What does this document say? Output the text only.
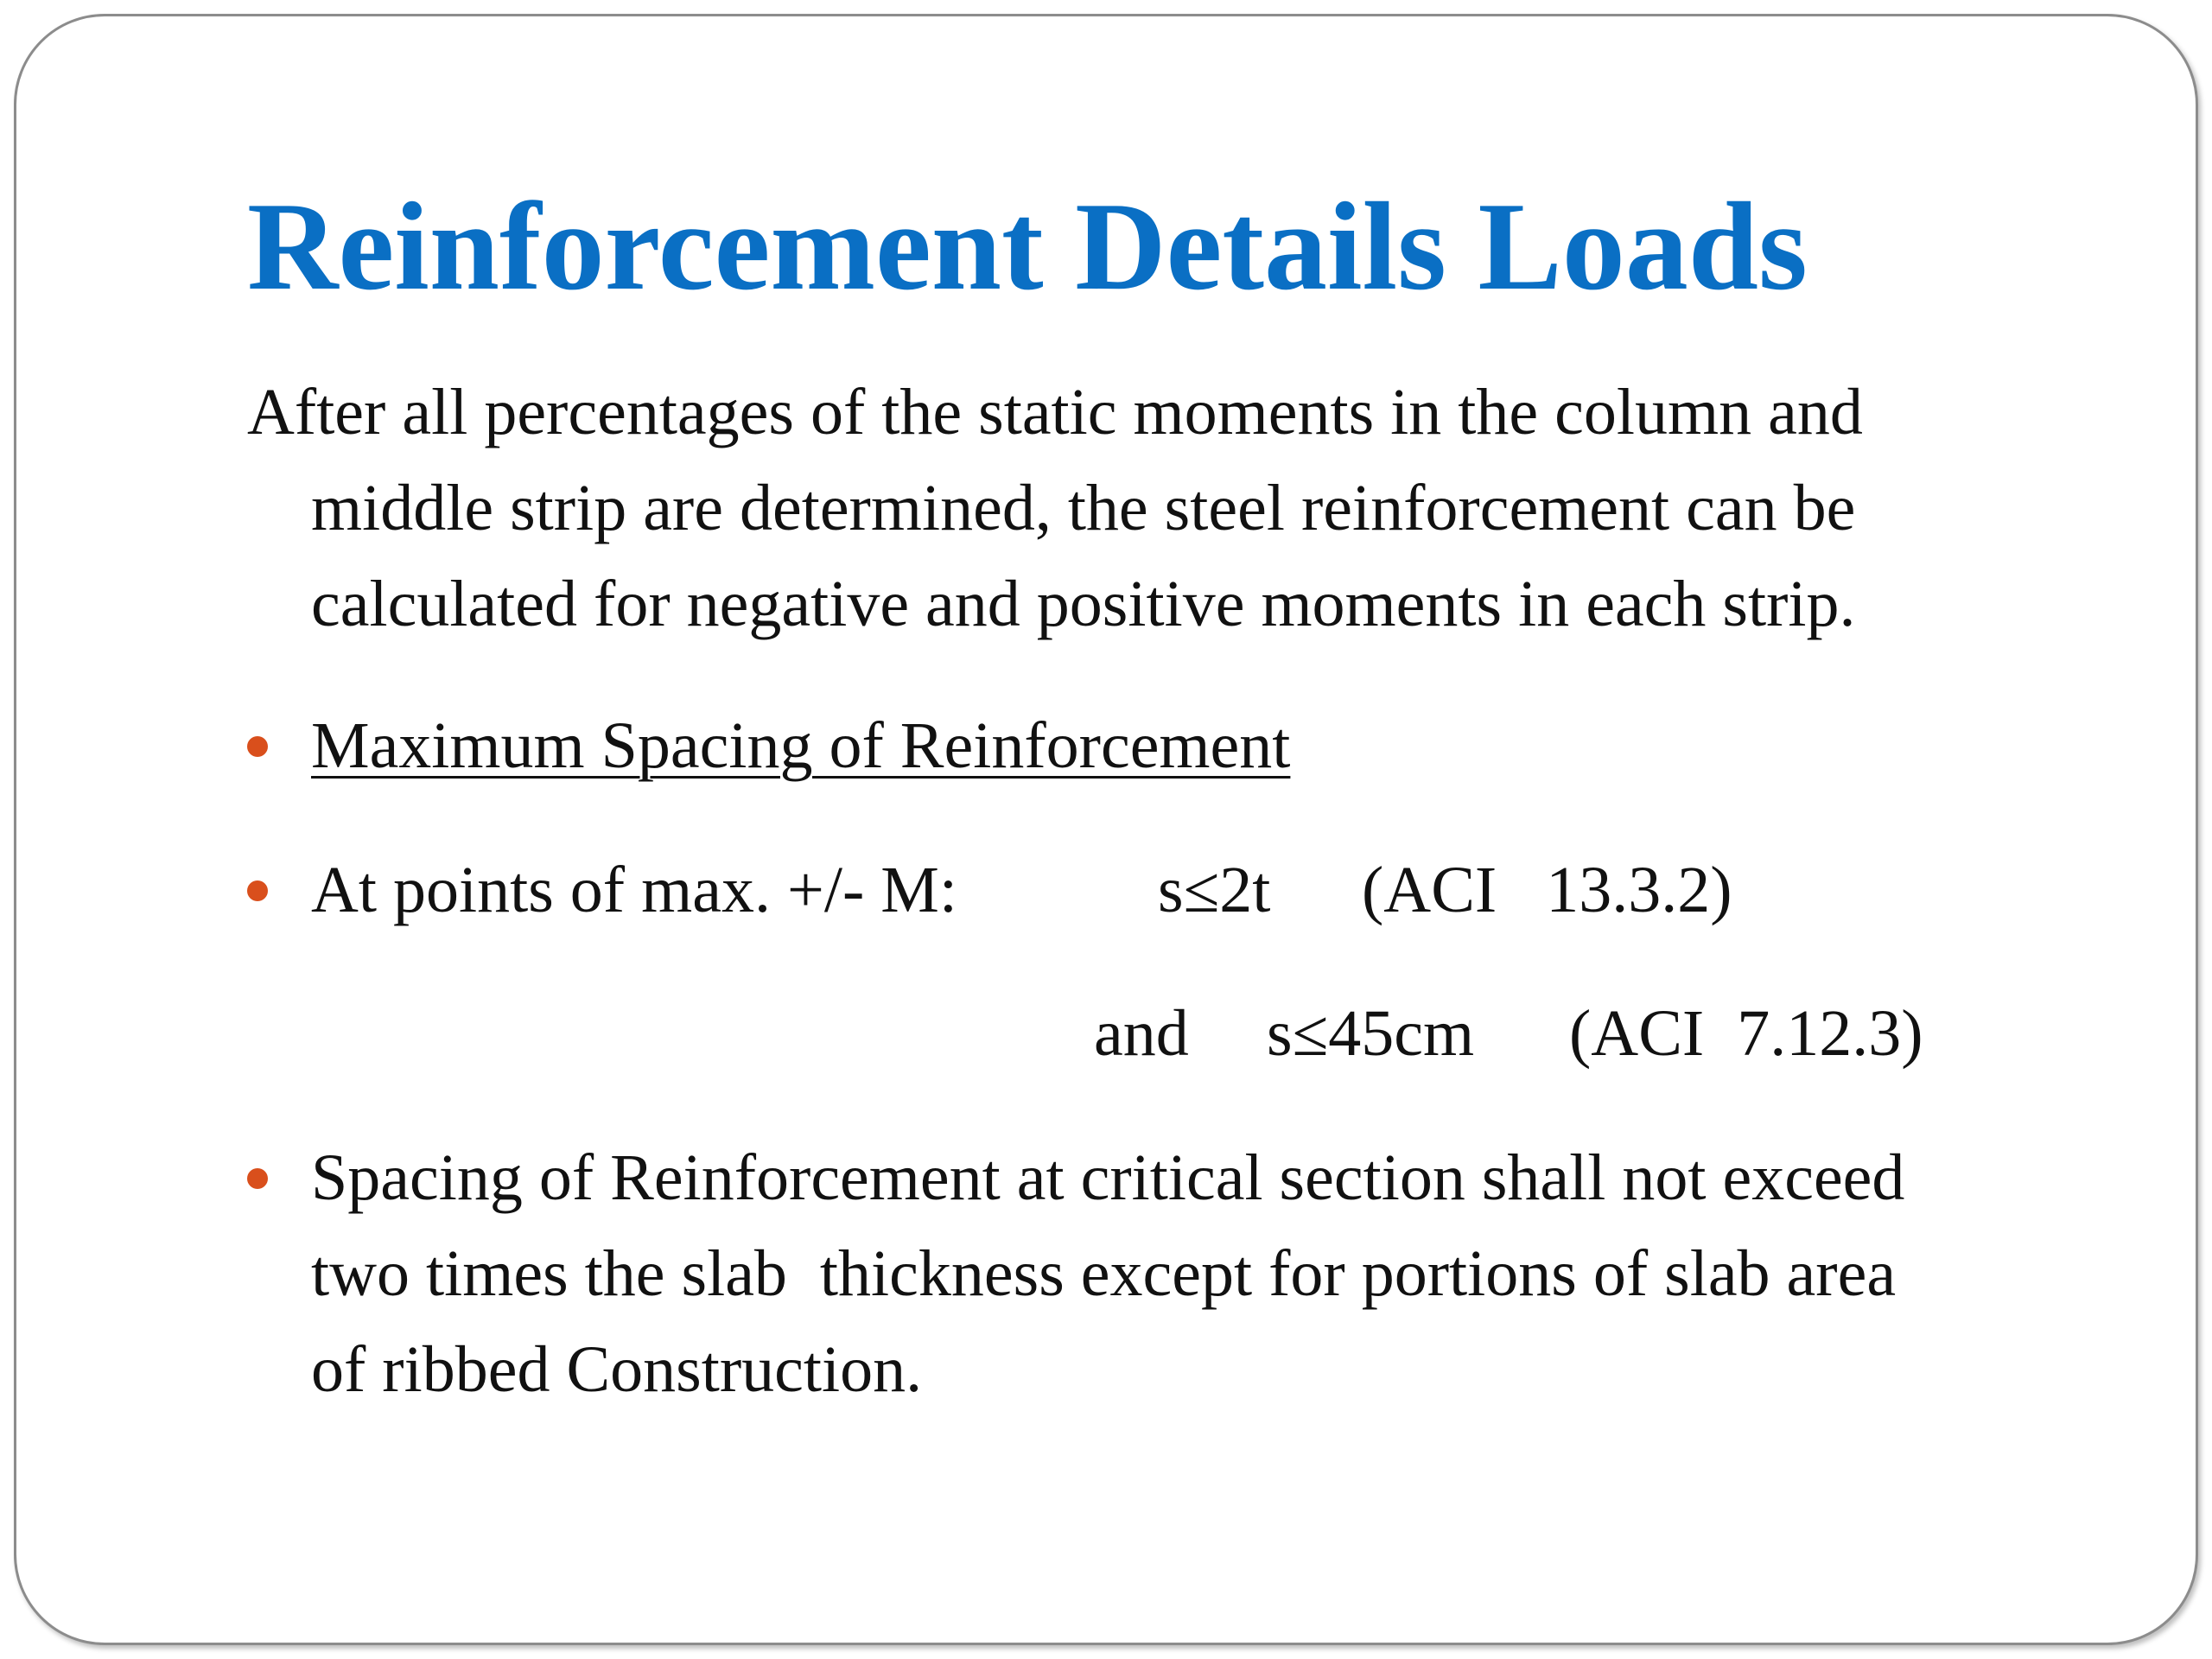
Reinforcement Details Loads
After all percentages of the static moments in the column and
middle strip are determined, the steel reinforcement can be
calculated for negative and positive moments in each strip.
Maximum Spacing of Reinforcement
At points of max. +/- M:	s≤2t (ACI   13.3.2)
and s≤45cm (ACI  7.12.3)
Spacing of Reinforcement at critical section shall not exceed
two times the slab  thickness except for portions of slab area
of ribbed Construction.
